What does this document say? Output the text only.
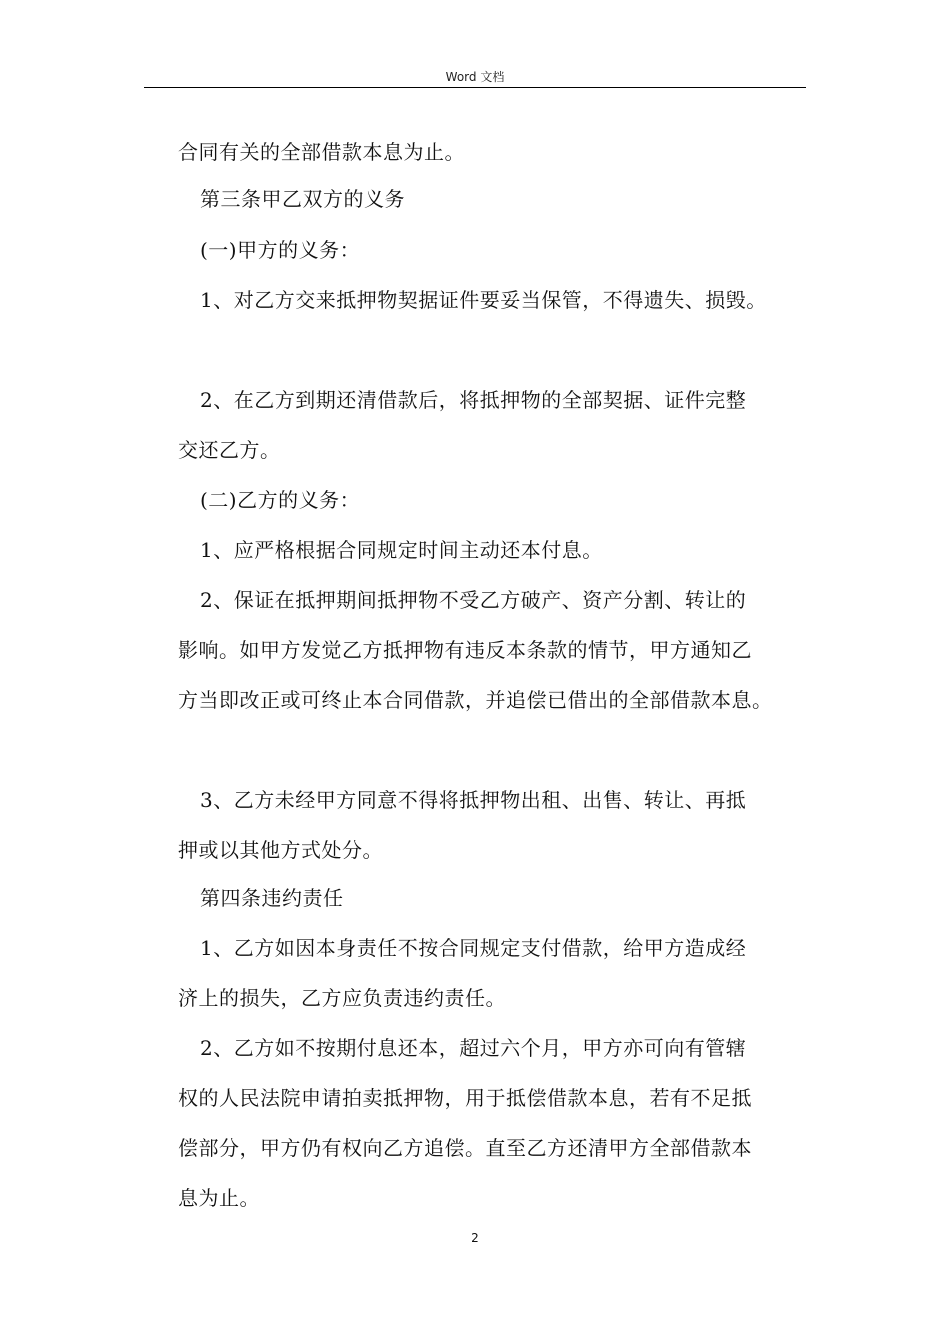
Word 文档
合同有关的全部借款本息为止。
第三条甲乙双方的义务
(一)甲方的义务：
1、对乙方交来抵押物契据证件要妥当保管，不得遗失、损毁。
2、在乙方到期还清借款后，将抵押物的全部契据、证件完整
交还乙方。
(二)乙方的义务：
1、应严格根据合同规定时间主动还本付息。
2、保证在抵押期间抵押物不受乙方破产、资产分割、转让的
影响。如甲方发觉乙方抵押物有违反本条款的情节，甲方通知乙
方当即改正或可终止本合同借款，并追偿已借出的全部借款本息。
3、乙方未经甲方同意不得将抵押物出租、出售、转让、再抵
押或以其他方式处分。
第四条违约责任
1、乙方如因本身责任不按合同规定支付借款，给甲方造成经
济上的损失，乙方应负责违约责任。
2、乙方如不按期付息还本，超过六个月，甲方亦可向有管辖
权的人民法院申请拍卖抵押物，用于抵偿借款本息，若有不足抵
偿部分，甲方仍有权向乙方追偿。直至乙方还清甲方全部借款本
息为止。
2
